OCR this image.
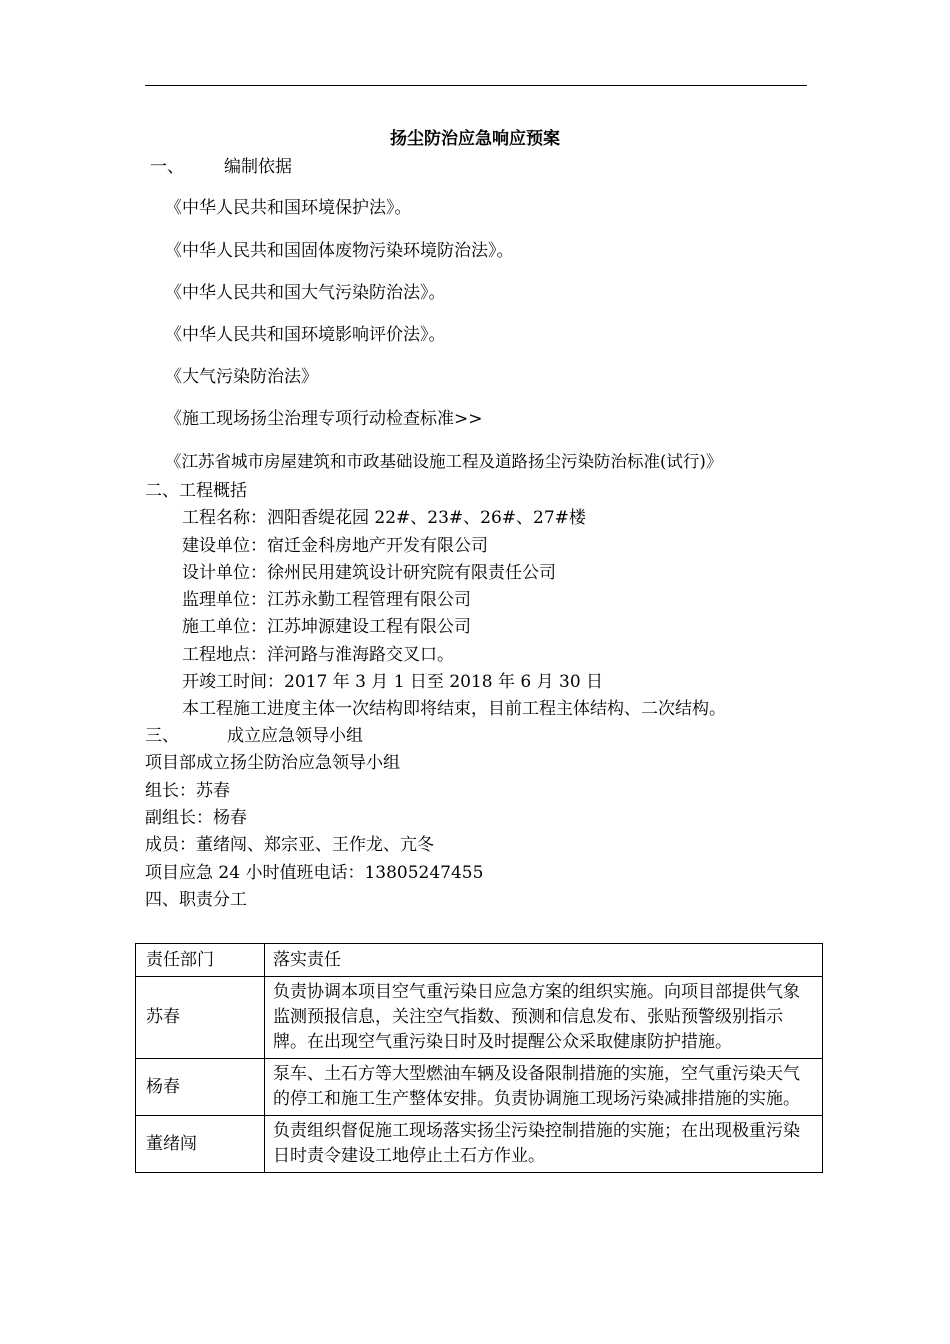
扬尘防治应急响应预案
一、 编制依据
《中华人民共和国环境保护法》。
《中华人民共和国固体废物污染环境防治法》。
《中华人民共和国大气污染防治法》。
《中华人民共和国环境影响评价法》。
《大气污染防治法》
《施工现场扬尘治理专项行动检查标准>>
《江苏省城市房屋建筑和市政基础设施工程及道路扬尘污染防治标准(试行)》
二、工程概括
工程名称：泗阳香缇花园 22#、23#、26#、27#楼
建设单位：宿迁金科房地产开发有限公司
设计单位：徐州民用建筑设计研究院有限责任公司
监理单位：江苏永勤工程管理有限公司
施工单位：江苏坤源建设工程有限公司
工程地点：洋河路与淮海路交叉口。
开竣工时间：2017 年 3 月 1 日至 2018 年 6 月 30 日
本工程施工进度主体一次结构即将结束，目前工程主体结构、二次结构。
三、	成立应急领导小组
项目部成立扬尘防治应急领导小组
组长：苏春
副组长：杨春
成员：董绪闯、郑宗亚、王作龙、亢冬
项目应急 24 小时值班电话：13805247455
四、职责分工
责任部门	落实责任
苏春	负责协调本项目空气重污染日应急方案的组织实施。向项目部提供气象监测预报信息，关注空气指数、预测和信息发布、张贴预警级别指示牌。在出现空气重污染日时及时提醒公众采取健康防护措施。
杨春	泵车、土石方等大型燃油车辆及设备限制措施的实施，空气重污染天气的停工和施工生产整体安排。负责协调施工现场污染减排措施的实施。
董绪闯	负责组织督促施工现场落实扬尘污染控制措施的实施；在出现极重污染日时责令建设工地停止土石方作业。
